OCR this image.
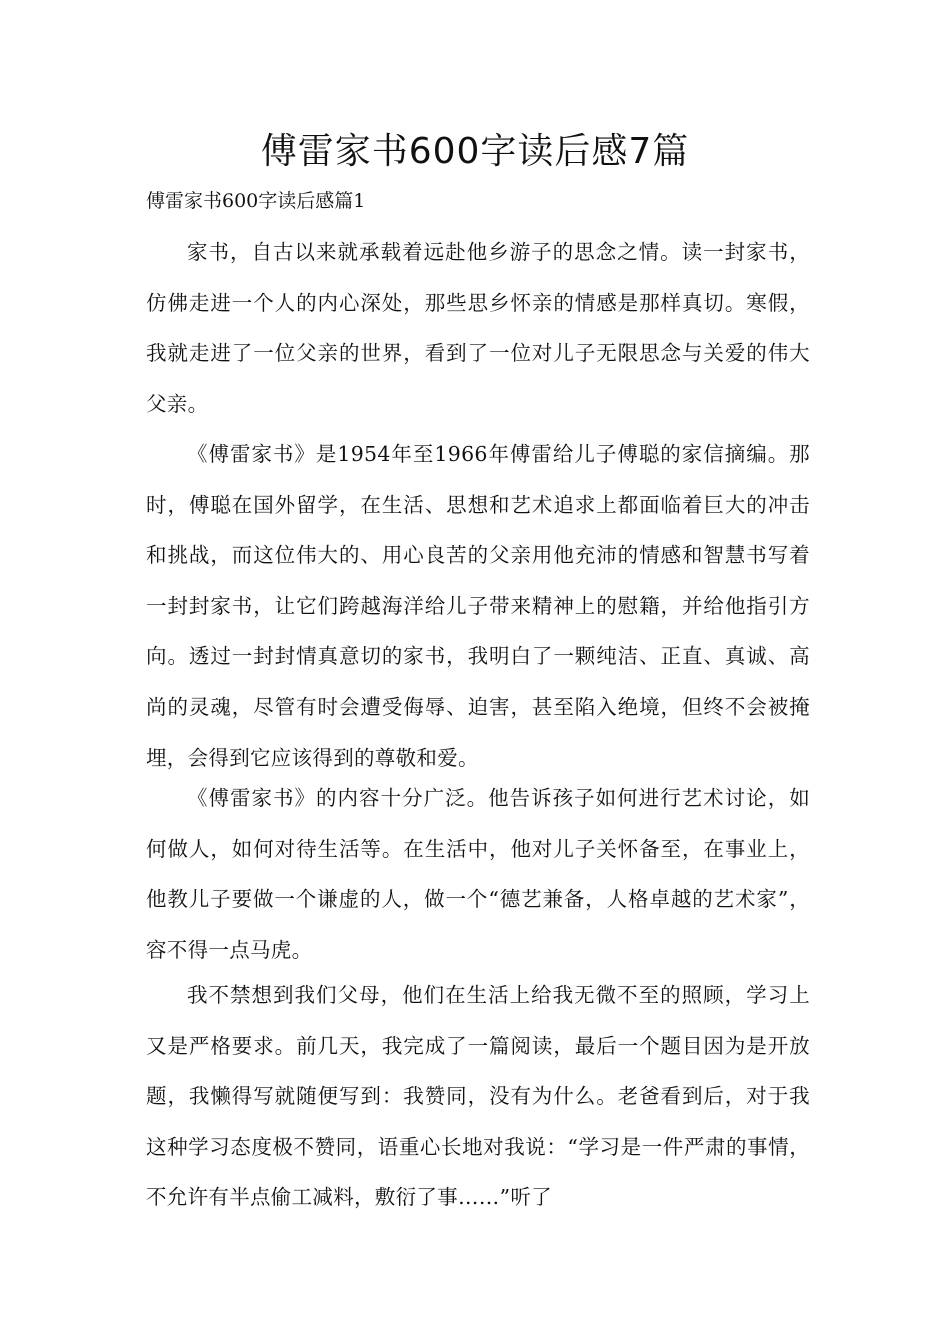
傅雷家书600字读后感7篇

傅雷家书600字读后感篇1

家书，自古以来就承载着远赴他乡游子的思念之情。读一封家书，仿佛走进一个人的内心深处，那些思乡怀亲的情感是那样真切。寒假，我就走进了一位父亲的世界，看到了一位对儿子无限思念与关爱的伟大父亲。

《傅雷家书》是1954年至1966年傅雷给儿子傅聪的家信摘编。那时，傅聪在国外留学，在生活、思想和艺术追求上都面临着巨大的冲击和挑战，而这位伟大的、用心良苦的父亲用他充沛的情感和智慧书写着一封封家书，让它们跨越海洋给儿子带来精神上的慰籍，并给他指引方向。透过一封封情真意切的家书，我明白了一颗纯洁、正直、真诚、高尚的灵魂，尽管有时会遭受侮辱、迫害，甚至陷入绝境，但终不会被掩埋，会得到它应该得到的尊敬和爱。

《傅雷家书》的内容十分广泛。他告诉孩子如何进行艺术讨论，如何做人，如何对待生活等。在生活中，他对儿子关怀备至，在事业上，他教儿子要做一个谦虚的人，做一个“德艺兼备，人格卓越的艺术家”，容不得一点马虎。

我不禁想到我们父母，他们在生活上给我无微不至的照顾，学习上又是严格要求。前几天，我完成了一篇阅读，最后一个题目因为是开放题，我懒得写就随便写到：我赞同，没有为什么。老爸看到后，对于我这种学习态度极不赞同，语重心长地对我说：“学习是一件严肃的事情，不允许有半点偷工减料，敷衍了事……”听了
